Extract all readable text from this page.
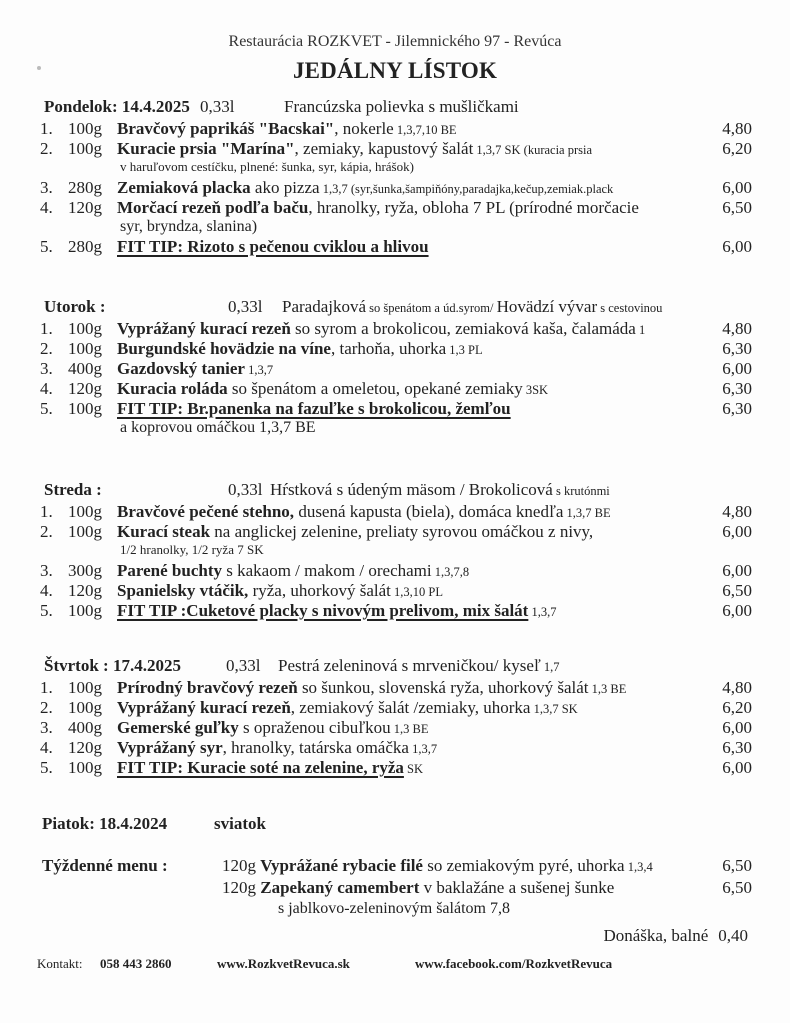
Restaurácia ROZKVET - Jilemnického 97 - Revúca
JEDÁLNY LÍSTOK
Pondelok: 14.4.2025 0,33l	Francúzska polievka s mušličkami
1. 100g Bravčový paprikáš "Bacskai", nokerle 1,3,7,10 BE	4,80
2. 100g Kuracie prsia "Marína", zemiaky, kapustový šalát 1,3,7 SK (kuracia prsia	6,20
v haruľovom cestíčku, plnené: šunka, syr, kápia, hrášok)
3. 280g Zemiaková placka ako pizza 1,3,7 (syr,šunka,šampiňóny,paradajka,kečup,zemiak.plack	6,00
4. 120g Morčací rezeň podľa baču, hranolky, ryža, obloha 7 PL (prírodné morčacie	6,50
syr, bryndza, slanina)
5. 280g FIT TIP: Rizoto s pečenou cviklou a hlivou	6,00
Utorok :	0,33l Paradajková so špenátom a úd.syrom/ Hovädzí vývar s cestovinou
1. 100g Vyprážaný kurací rezeň so syrom a brokolicou, zemiaková kaša, čalamáda 1	4,80
2. 100g Burgundské hovädzie na víne, tarhoňa, uhorka 1,3 PL	6,30
3. 400g Gazdovský tanier 1,3,7	6,00
4. 120g Kuracia roláda so špenátom a omeletou, opekané zemiaky 3SK	6,30
5. 100g FIT TIP: Br.panenka na fazuľke s brokolicou, žemľou	6,30
a koprovou omáčkou 1,3,7 BE
Streda :	0,33l Hŕstková s údeným mäsom / Brokolicová s krutónmi
1. 100g Bravčové pečené stehno, dusená kapusta (biela), domáca knedľa 1,3,7 BE	4,80
2. 100g Kurací steak na anglickej zelenine, preliaty syrovou omáčkou z nivy,	6,00
1/2 hranolky, 1/2 ryža 7 SK
3. 300g Parené buchty s kakaom / makom / orechami 1,3,7,8	6,00
4. 120g Spanielsky vtáčik, ryža, uhorkový šalát 1,3,10 PL	6,50
5. 100g FIT TIP :Cuketové placky s nivovým prelivom, mix šalát 1,3,7	6,00
Štvrtok : 17.4.2025	0,33l Pestrá zeleninová s mrveničkou/ kyseľ 1,7
1. 100g Prírodný bravčový rezeň so šunkou, slovenská ryža, uhorkový šalát 1,3 BE	4,80
2. 100g Vyprážaný kurací rezeň, zemiakový šalát /zemiaky, uhorka 1,3,7 SK	6,20
3. 400g Gemerské guľky s opraženou cibuľkou 1,3 BE	6,00
4. 120g Vyprážaný syr, hranolky, tatárska omáčka 1,3,7	6,30
5. 100g FIT TIP: Kuracie soté na zelenine, ryža SK	6,00
Piatok: 18.4.2024	sviatok
Týždenné menu :	120g Vyprážané rybacie filé so zemiakovým pyré, uhorka 1,3,4	6,50
120g Zapekaný camembert v baklažáne a sušenej šunke	6,50
s jablkovo-zeleninovým šalátom 7,8
Donáška, balné 0,40
Kontakt: 058 443 2860	www.RozkvetRevuca.sk	www.facebook.com/RozkvetRevuca
